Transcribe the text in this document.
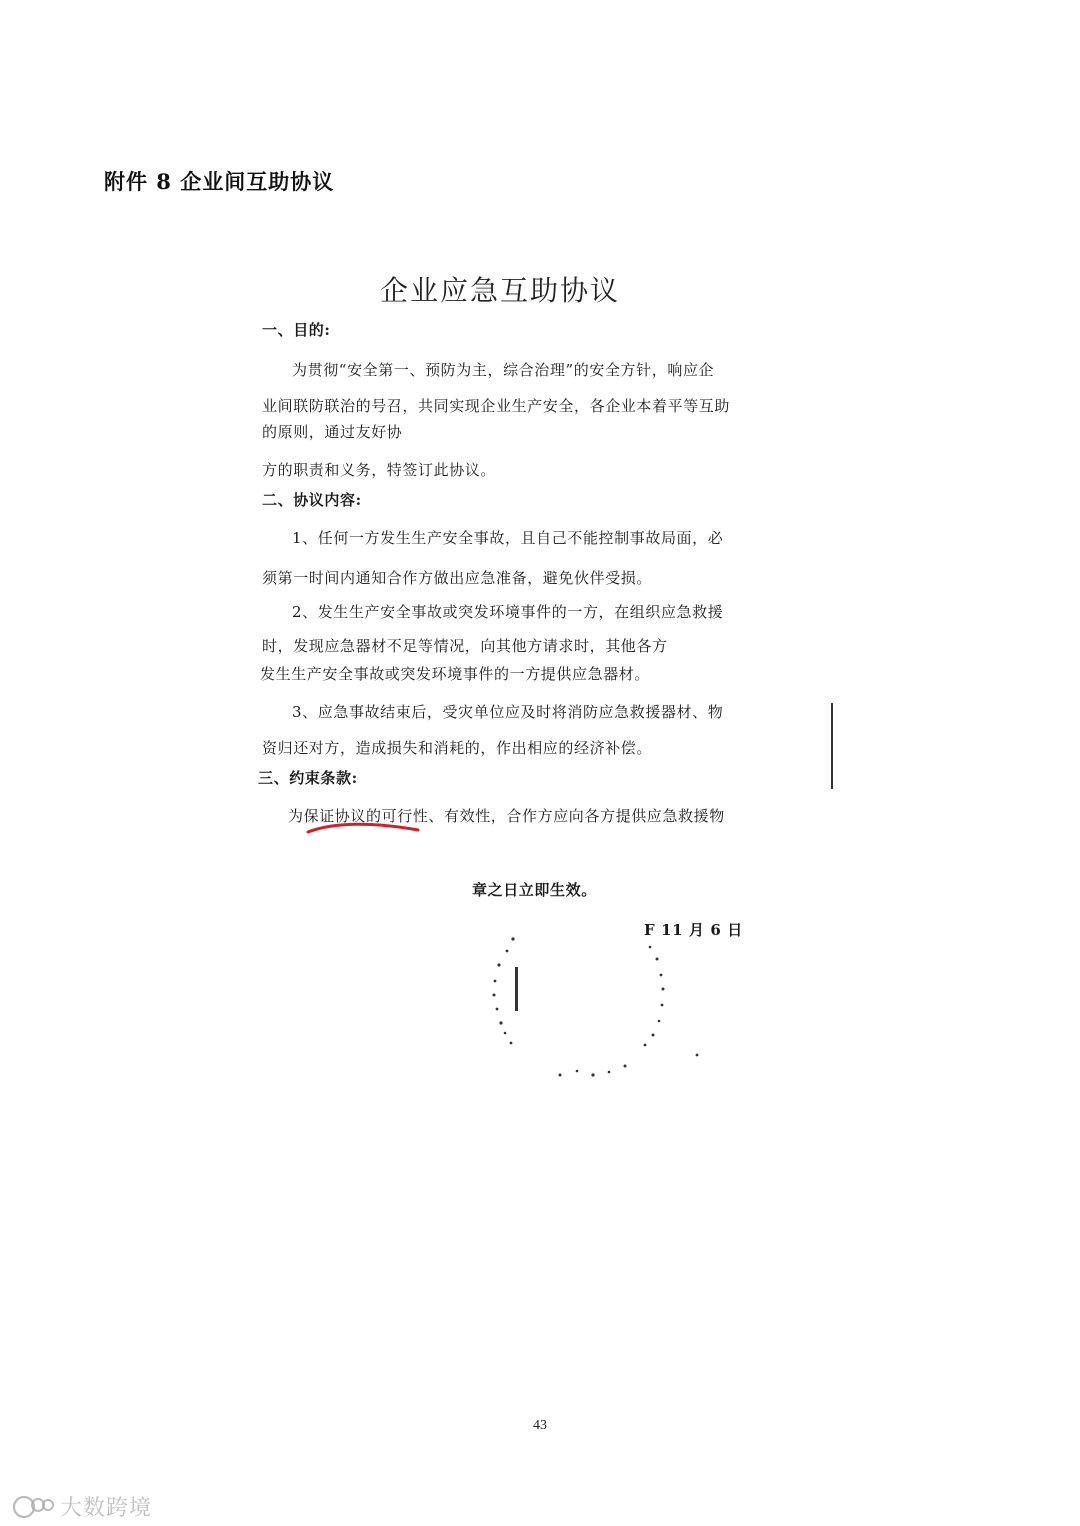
附件 8 企业间互助协议
企业应急互助协议
一、目的:
为贯彻“安全第一、预防为主，综合治理”的安全方针，响应企
业间联防联治的号召，共同实现企业生产安全，各企业本着平等互助
的原则，通过友好协
方的职责和义务，特签订此协议。
二、协议内容:
1、任何一方发生生产安全事故，且自己不能控制事故局面，必
须第一时间内通知合作方做出应急准备，避免伙伴受损。
2、发生生产安全事故或突发环境事件的一方，在组织应急救援
时，发现应急器材不足等情况，向其他方请求时，其他各方
发生生产安全事故或突发环境事件的一方提供应急器材。
3、应急事故结束后，受灾单位应及时将消防应急救援器材、物
资归还对方，造成损失和消耗的，作出相应的经济补偿。
三、约束条款:
为保证协议的可行性、有效性，合作方应向各方提供应急救援物
章之日立即生效。
F 11 月 6 日
43
大数跨境
